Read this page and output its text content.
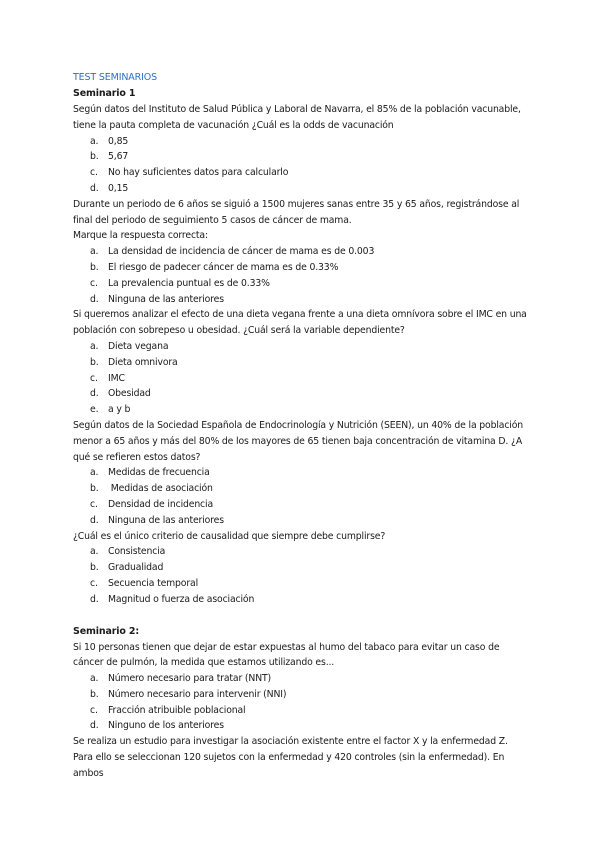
TEST SEMINARIOS
Seminario 1

Según datos del Instituto de Salud Pública y Laboral de Navarra, el 85% de la población vacunable, tiene la pauta completa de vacunación ¿Cuál es la odds de vacunación

a. 0,85
b. 5,67
c. No hay suficientes datos para calcularlo
d. 0,15

Durante un periodo de 6 años se siguió a 1500 mujeres sanas entre 35 y 65 años, registrándose al final del periodo de seguimiento 5 casos de cáncer de mama.

Marque la respuesta correcta:

a. La densidad de incidencia de cáncer de mama es de 0.003
b. El riesgo de padecer cáncer de mama es de 0.33%
c. La prevalencia puntual es de 0.33%
d. Ninguna de las anteriores

Si queremos analizar el efecto de una dieta vegana frente a una dieta omnívora sobre el IMC en una población con sobrepeso u obesidad. ¿Cuál será la variable dependiente?

a. Dieta vegana
b. Dieta omnivora
c. IMC
d. Obesidad
e. a y b

Según datos de la Sociedad Española de Endocrinología y Nutrición (SEEN), un 40% de la población menor a 65 años y más del 80% de los mayores de 65 tienen baja concentración de vitamina D. ¿A qué se refieren estos datos?

a. Medidas de frecuencia
b. Medidas de asociación
c. Densidad de incidencia
d. Ninguna de las anteriores

¿Cuál es el único criterio de causalidad que siempre debe cumplirse?

a. Consistencia
b. Gradualidad
c. Secuencia temporal
d. Magnitud o fuerza de asociación
Seminario 2:

Si 10 personas tienen que dejar de estar expuestas al humo del tabaco para evitar un caso de cáncer de pulmón, la medida que estamos utilizando es...

a. Número necesario para tratar (NNT)
b. Número necesario para intervenir (NNI)
c. Fracción atribuible poblacional
d. Ninguno de los anteriores

Se realiza un estudio para investigar la asociación existente entre el factor X y la enfermedad Z. Para ello se seleccionan 120 sujetos con la enfermedad y 420 controles (sin la enfermedad). En ambos
